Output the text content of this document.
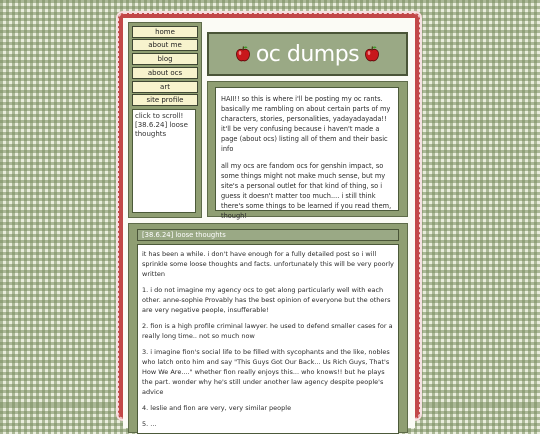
home
about me
blog
about ocs
art
site profile
click to scroll!
[38.6.24] loose thoughts
oc dumps

HAII!! so this is where i'll be posting my oc rants. basically me rambling on about certain parts of my characters, stories, personalities, yadayadayada!! it'll be very confusing because i haven't made a page (about ocs) listing all of them and their basic info

all my ocs are fandom ocs for genshin impact, so some things might not make much sense, but my site's a personal outlet for that kind of thing, so i guess it doesn't matter too much.... i still think there's some things to be learned if you read them, though!

[38.6.24] loose thoughts

it has been a while. i don't have enough for a fully detailed post so i will sprinkle some loose thoughts and facts. unfortunately this will be very poorly written

1. i do not imagine my agency ocs to get along particularly well with each other. anne-sophie Provably has the best opinion of everyone but the others are very negative people, insufferable!

2. fion is a high profile criminal lawyer. he used to defend smaller cases for a really long time.. not so much now

3. i imagine fion's social life to be filled with sycophants and the like, nobles who latch onto him and say "This Guys Got Our Back... Us Rich Guys, That's How We Are...." whether fion really enjoys this... who knows!! but he plays the part. wonder why he's still under another law agency despite people's advice

4. leslie and fion are very, very similar people

5. ...
